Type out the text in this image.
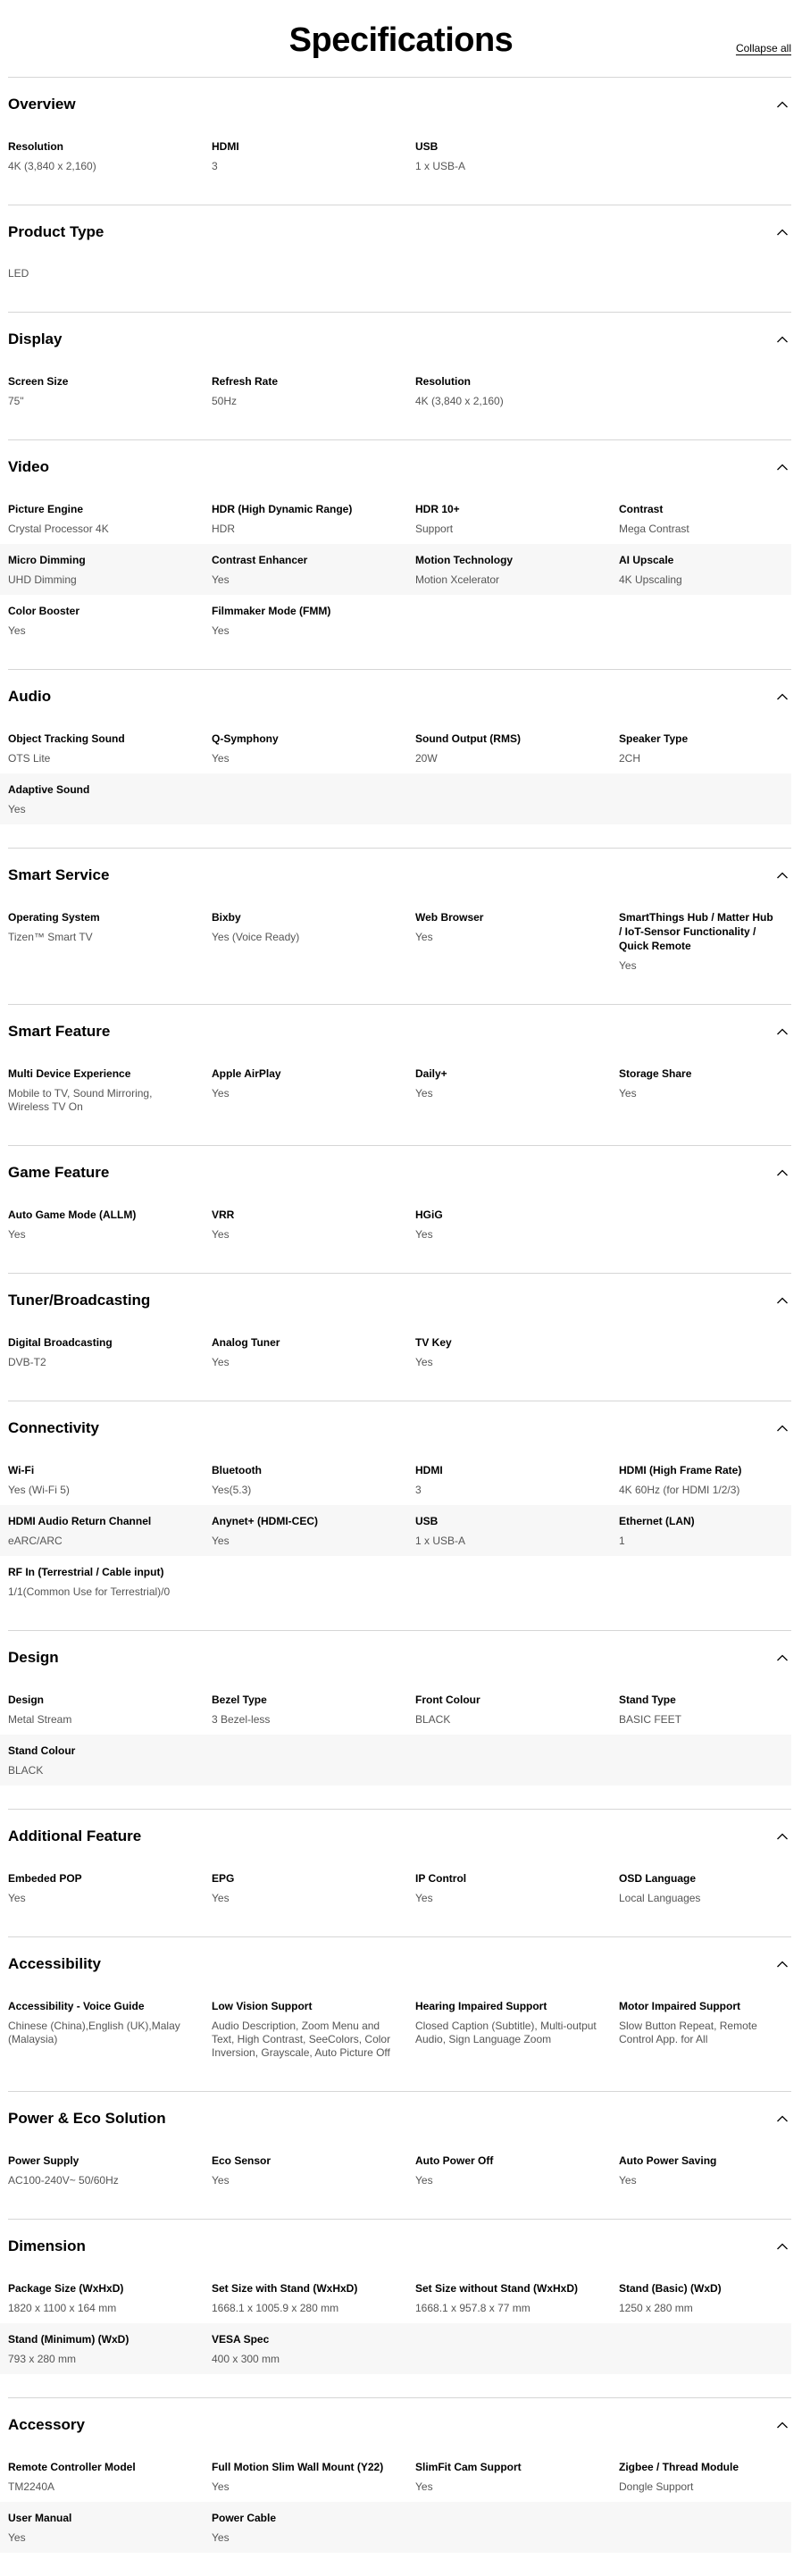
Specifications	Collapse all
Overview
Resolution
4K (3,840 x 2,160)
HDMI
3
USB
1 x USB-A
Product Type
LED
Display
Screen Size
75"
Refresh Rate
50Hz
Resolution
4K (3,840 x 2,160)
Video
Picture Engine
Crystal Processor 4K
HDR (High Dynamic Range)
HDR
HDR 10+
Support
Contrast
Mega Contrast
Micro Dimming
UHD Dimming
Contrast Enhancer
Yes
Motion Technology
Motion Xcelerator
AI Upscale
4K Upscaling
Color Booster
Yes
Filmmaker Mode (FMM)
Yes
Audio
Object Tracking Sound
OTS Lite
Q-Symphony
Yes
Sound Output (RMS)
20W
Speaker Type
2CH
Adaptive Sound
Yes
Smart Service
Operating System
Tizen™ Smart TV
Bixby
Yes (Voice Ready)
Web Browser
Yes
SmartThings Hub / Matter Hub / IoT-Sensor Functionality / Quick Remote
Yes
Smart Feature
Multi Device Experience
Mobile to TV, Sound Mirroring, Wireless TV On
Apple AirPlay
Yes
Daily+
Yes
Storage Share
Yes
Game Feature
Auto Game Mode (ALLM)
Yes
VRR
Yes
HGiG
Yes
Tuner/Broadcasting
Digital Broadcasting
DVB-T2
Analog Tuner
Yes
TV Key
Yes
Connectivity
Wi-Fi
Yes (Wi-Fi 5)
Bluetooth
Yes(5.3)
HDMI
3
HDMI (High Frame Rate)
4K 60Hz (for HDMI 1/2/3)
HDMI Audio Return Channel
eARC/ARC
Anynet+ (HDMI-CEC)
Yes
USB
1 x USB-A
Ethernet (LAN)
1
RF In (Terrestrial / Cable input)
1/1(Common Use for Terrestrial)/0
Design
Design
Metal Stream
Bezel Type
3 Bezel-less
Front Colour
BLACK
Stand Type
BASIC FEET
Stand Colour
BLACK
Additional Feature
Embeded POP
Yes
EPG
Yes
IP Control
Yes
OSD Language
Local Languages
Accessibility
Accessibility - Voice Guide
Chinese (China),English (UK),Malay (Malaysia)
Low Vision Support
Audio Description, Zoom Menu and Text, High Contrast, SeeColors, Color Inversion, Grayscale, Auto Picture Off
Hearing Impaired Support
Closed Caption (Subtitle), Multi-output Audio, Sign Language Zoom
Motor Impaired Support
Slow Button Repeat, Remote Control App. for All
Power & Eco Solution
Power Supply
AC100-240V~ 50/60Hz
Eco Sensor
Yes
Auto Power Off
Yes
Auto Power Saving
Yes
Dimension
Package Size (WxHxD)
1820 x 1100 x 164 mm
Set Size with Stand (WxHxD)
1668.1 x 1005.9 x 280 mm
Set Size without Stand (WxHxD)
1668.1 x 957.8 x 77 mm
Stand (Basic) (WxD)
1250 x 280 mm
Stand (Minimum) (WxD)
793 x 280 mm
VESA Spec
400 x 300 mm
Accessory
Remote Controller Model
TM2240A
Full Motion Slim Wall Mount (Y22)
Yes
SlimFit Cam Support
Yes
Zigbee / Thread Module
Dongle Support
User Manual
Yes
Power Cable
Yes
